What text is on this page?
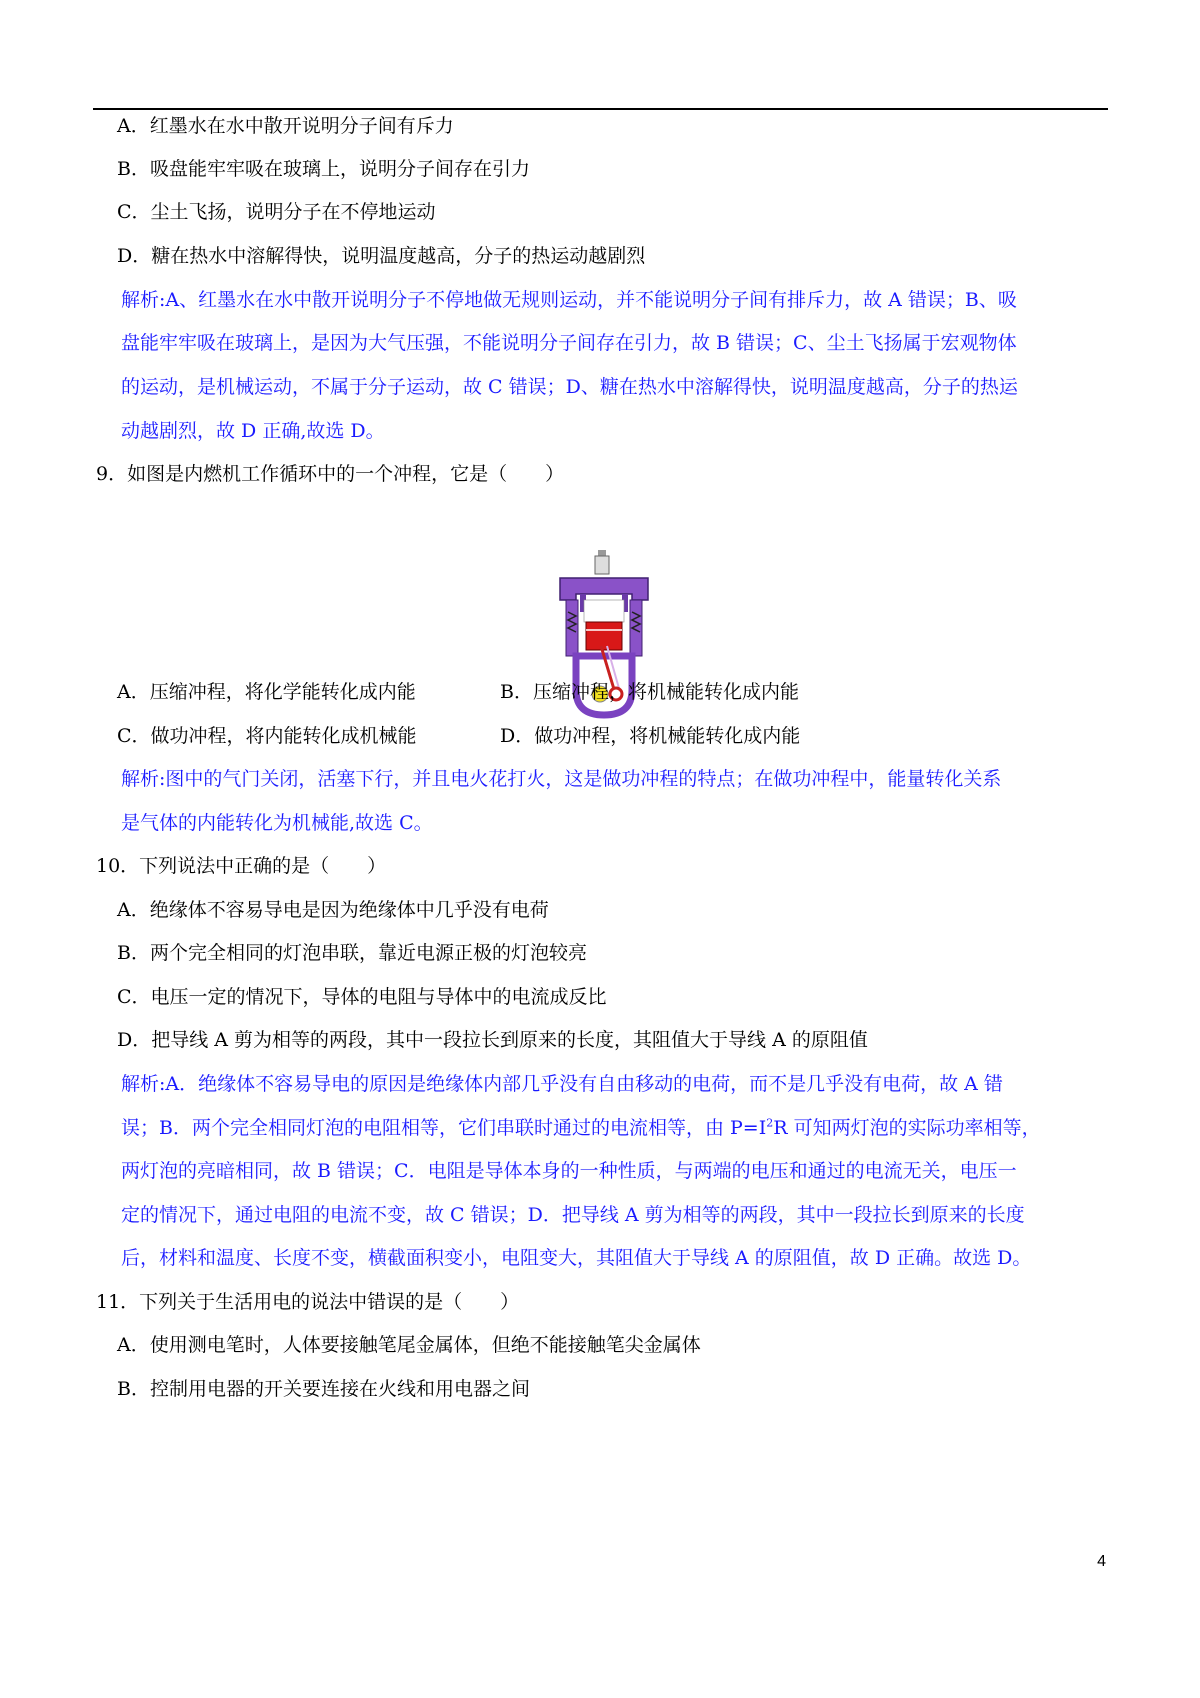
A．红墨水在水中散开说明分子间有斥力
B．吸盘能牢牢吸在玻璃上，说明分子间存在引力
C．尘土飞扬，说明分子在不停地运动
D．糖在热水中溶解得快，说明温度越高，分子的热运动越剧烈
解析:A、红墨水在水中散开说明分子不停地做无规则运动，并不能说明分子间有排斥力，故 A 错误；B、吸
盘能牢牢吸在玻璃上，是因为大气压强，不能说明分子间存在引力，故 B 错误；C、尘土飞扬属于宏观物体
的运动，是机械运动，不属于分子运动，故 C 错误；D、糖在热水中溶解得快，说明温度越高，分子的热运
动越剧烈，故 D 正确,故选 D。
9．如图是内燃机工作循环中的一个冲程，它是（　　）
A．压缩冲程，将化学能转化成内能	B．压缩冲程，将机械能转化成内能
C．做功冲程，将内能转化成机械能	D．做功冲程，将机械能转化成内能
解析:图中的气门关闭，活塞下行，并且电火花打火，这是做功冲程的特点；在做功冲程中，能量转化关系
是气体的内能转化为机械能,故选 C。
10．下列说法中正确的是（　　）
A．绝缘体不容易导电是因为绝缘体中几乎没有电荷
B．两个完全相同的灯泡串联，靠近电源正极的灯泡较亮
C．电压一定的情况下，导体的电阻与导体中的电流成反比
D．把导线 A 剪为相等的两段，其中一段拉长到原来的长度，其阻值大于导线 A 的原阻值
解析:A．绝缘体不容易导电的原因是绝缘体内部几乎没有自由移动的电荷，而不是几乎没有电荷，故 A 错
误；B．两个完全相同灯泡的电阻相等，它们串联时通过的电流相等，由 $P=I^2R$ 可知两灯泡的实际功率相等，
两灯泡的亮暗相同，故 B 错误；C．电阻是导体本身的一种性质，与两端的电压和通过的电流无关，电压一
定的情况下，通过电阻的电流不变，故 C 错误；D．把导线 A 剪为相等的两段，其中一段拉长到原来的长度
后，材料和温度、长度不变，横截面积变小，电阻变大，其阻值大于导线 A 的原阻值，故 D 正确。故选 D。
11．下列关于生活用电的说法中错误的是（　　）
A．使用测电笔时，人体要接触笔尾金属体，但绝不能接触笔尖金属体
B．控制用电器的开关要连接在火线和用电器之间
4
